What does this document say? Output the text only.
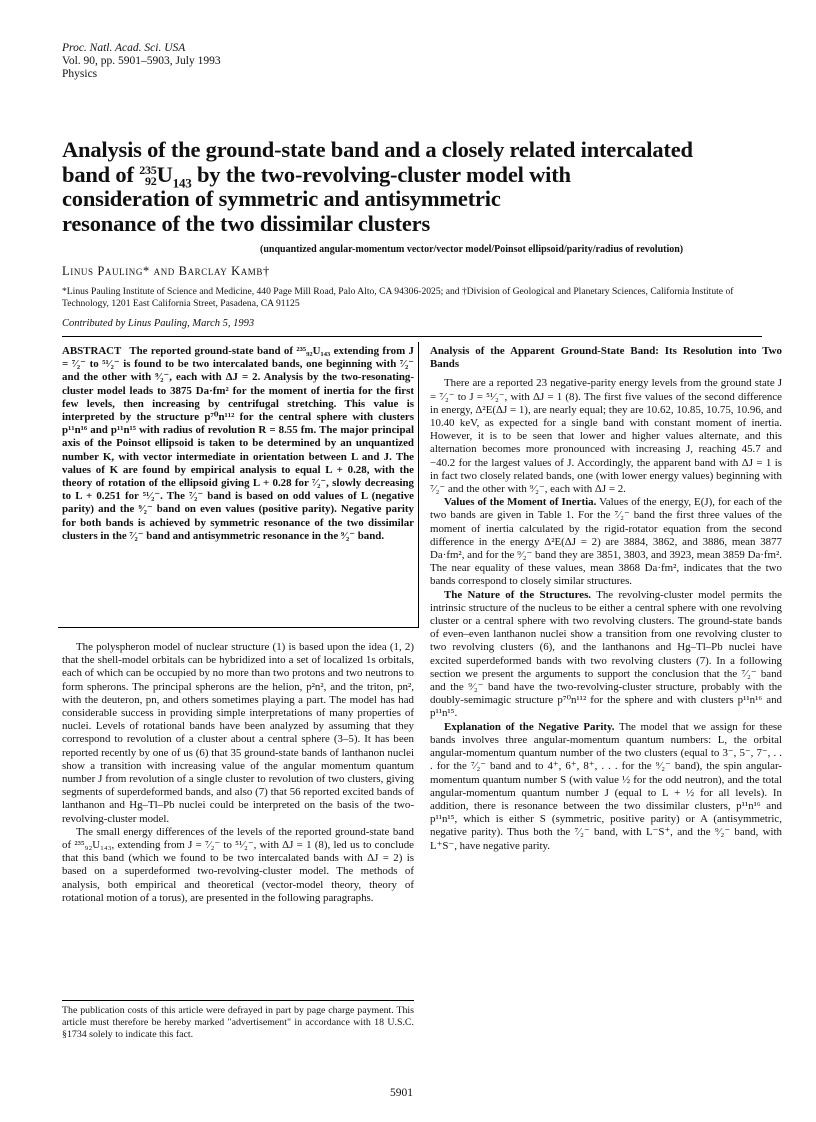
Proc. Natl. Acad. Sci. USA
Vol. 90, pp. 5901–5903, July 1993
Physics
Analysis of the ground-state band and a closely related intercalated
band of 235
92 $U_{143}$ by the two-revolving-cluster model with
consideration of symmetric and antisymmetric
resonance of the two dissimilar clusters
(unquantized angular-momentum vector/vector model/Poinsot ellipsoid/parity/radius of revolution)
Linus Pauling* and Barclay Kamb†
*Linus Pauling Institute of Science and Medicine, 440 Page Mill Road, Palo Alto, CA 94306-2025; and †Division of Geological and Planetary Sciences, California Institute of Technology, 1201 East California Street, Pasadena, CA 91125
Contributed by Linus Pauling, March 5, 1993

ABSTRACT The reported ground-state band of ²³⁵₉₂U₁₄₃ extending from J = ⁷⁄₂⁻ to ⁵¹⁄₂⁻ is found to be two intercalated bands, one beginning with ⁷⁄₂⁻ and the other with ⁹⁄₂⁻, each with ΔJ = 2. Analysis by the two-resonating-cluster model leads to 3875 Da·fm² for the moment of inertia for the first few levels, then increasing by centrifugal stretching. This value is interpreted by the structure p⁷⁰n¹¹² for the central sphere with clusters p¹¹n¹⁶ and p¹¹n¹⁵ with radius of revolution R = 8.55 fm. The major principal axis of the Poinsot ellipsoid is taken to be determined by an unquantized number K, with vector intermediate in orientation between L and J. The values of K are found by empirical analysis to equal L + 0.28, with the theory of rotation of the ellipsoid giving L + 0.28 for ⁷⁄₂⁻, slowly decreasing to L + 0.251 for ⁵¹⁄₂⁻. The ⁷⁄₂⁻ band is based on odd values of L (negative parity) and the ⁹⁄₂⁻ band on even values (positive parity). Negative parity for both bands is achieved by symmetric resonance of the two dissimilar clusters in the ⁷⁄₂⁻ band and antisymmetric resonance in the ⁹⁄₂⁻ band.

The polyspheron model of nuclear structure (1) is based upon the idea (1, 2) that the shell-model orbitals can be hybridized into a set of localized 1s orbitals, each of which can be occupied by no more than two protons and two neutrons to form spherons. The principal spherons are the helion, p²n², and the triton, pn², with the deuteron, pn, and others sometimes playing a part. The model has had considerable success in providing simple interpretations of many properties of nuclei. Levels of rotational bands have been analyzed by assuming that they correspond to revolution of a cluster about a central sphere (3–5). It has been reported recently by one of us (6) that 35 ground-state bands of lanthanon nuclei show a transition with increasing value of the angular momentum quantum number J from revolution of a single cluster to revolution of two clusters, giving segments of superdeformed bands, and also (7) that 56 reported excited bands of lanthanon and Hg–Tl–Pb nuclei could be interpreted on the basis of the two-revolving-cluster model.

The small energy differences of the levels of the reported ground-state band of ²³⁵₉₂U₁₄₃, extending from J = ⁷⁄₂⁻ to ⁵¹⁄₂⁻, with ΔJ = 1 (8), led us to conclude that this band (which we found to be two intercalated bands with ΔJ = 2) is based on a superdeformed two-revolving-cluster model. The methods of analysis, both empirical and theoretical (vector-model theory, theory of rotational motion of a torus), are presented in the following paragraphs.

The publication costs of this article were defrayed in part by page charge payment. This article must therefore be hereby marked "advertisement" in accordance with 18 U.S.C. §1734 solely to indicate this fact.

Analysis of the Apparent Ground-State Band: Its Resolution into Two Bands

There are a reported 23 negative-parity energy levels from the ground state J = ⁷⁄₂⁻ to J = ⁵¹⁄₂⁻, with ΔJ = 1 (8). The first five values of the second difference in energy, Δ²E(ΔJ = 1), are nearly equal; they are 10.62, 10.85, 10.75, 10.96, and 10.40 keV, as expected for a single band with constant moment of inertia. However, it is to be seen that lower and higher values alternate, and this alternation becomes more pronounced with increasing J, reaching 45.7 and −40.2 for the largest values of J. Accordingly, the apparent band with ΔJ = 1 is in fact two closely related bands, one (with lower energy values) beginning with ⁷⁄₂⁻ and the other with ⁹⁄₂⁻, each with ΔJ = 2.

Values of the Moment of Inertia. Values of the energy, E(J), for each of the two bands are given in Table 1. For the ⁷⁄₂⁻ band the first three values of the moment of inertia calculated by the rigid-rotator equation from the second difference in the energy Δ²E(ΔJ = 2) are 3884, 3862, and 3886, mean 3877 Da·fm², and for the ⁹⁄₂⁻ band they are 3851, 3803, and 3923, mean 3859 Da·fm². The near equality of these values, mean 3868 Da·fm², indicates that the two bands correspond to closely similar structures.

The Nature of the Structures. The revolving-cluster model permits the intrinsic structure of the nucleus to be either a central sphere with one revolving cluster or a central sphere with two revolving clusters. The ground-state bands of even–even lanthanon nuclei show a transition from one revolving cluster to two revolving clusters (6), and the lanthanons and Hg–Tl–Pb nuclei have excited superdeformed bands with two revolving clusters (7). In a following section we present the arguments to support the conclusion that the ⁷⁄₂⁻ band and the ⁹⁄₂⁻ band have the two-revolving-cluster structure, probably with the doubly-semimagic structure p⁷⁰n¹¹² for the sphere and with clusters p¹¹n¹⁶ and p¹¹n¹⁵.

Explanation of the Negative Parity. The model that we assign for these bands involves three angular-momentum quantum numbers: L, the orbital angular-momentum quantum number of the two clusters (equal to 3⁻, 5⁻, 7⁻, . . . for the ⁷⁄₂⁻ band and to 4⁺, 6⁺, 8⁺, . . . for the ⁹⁄₂⁻ band), the spin angular-momentum quantum number S (with value ½ for the odd neutron), and the total angular-momentum quantum number J (equal to L + ½ for all levels). In addition, there is resonance between the two dissimilar clusters, p¹¹n¹⁶ and p¹¹n¹⁵, which is either S (symmetric, positive parity) or A (antisymmetric, negative parity). Thus both the ⁷⁄₂⁻ band, with L⁻S⁺, and the ⁹⁄₂⁻ band, with L⁺S⁻, have negative parity.

5901
